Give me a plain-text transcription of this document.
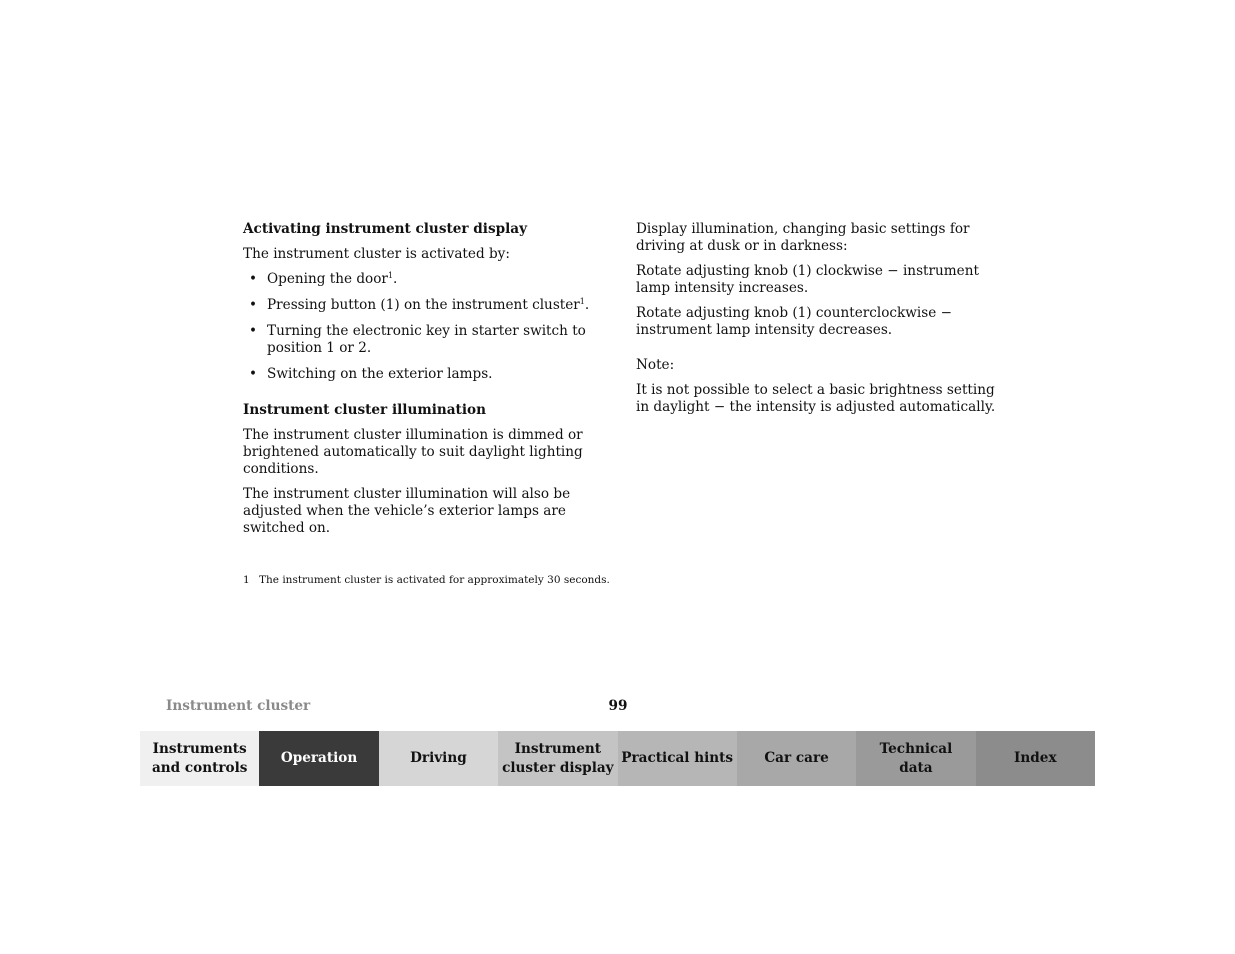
Activating instrument cluster display
The instrument cluster is activated by:
• Opening the door$^1$.
• Pressing button (1) on the instrument cluster$^1$.
• Turning the electronic key in starter switch to position 1 or 2.
• Switching on the exterior lamps.
Instrument cluster illumination
The instrument cluster illumination is dimmed or brightened automatically to suit daylight lighting conditions.
The instrument cluster illumination will also be adjusted when the vehicle’s exterior lamps are switched on.
1 The instrument cluster is activated for approximately 30 seconds.
Display illumination, changing basic settings for driving at dusk or in darkness:
Rotate adjusting knob (1) clockwise − instrument lamp intensity increases.
Rotate adjusting knob (1) counterclockwise − instrument lamp intensity decreases.
Note:
It is not possible to select a basic brightness setting in daylight − the intensity is adjusted automatically.
Instrument cluster	99
Instruments
and controls
Operation	Driving
Instrument
cluster display
Practical hints	Car care
Technical
data
Index
